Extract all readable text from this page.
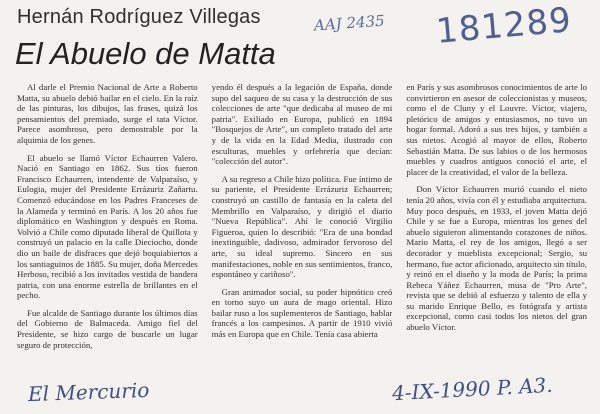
Hernán Rodríguez Villegas
El Abuelo de Matta
AAJ 2435 181289

Al darle el Premio Nacional de Arte a Roberto Matta, su abuelo debió bailar en el cielo. En la raíz de las pinturas, los dibujos, las frases, quizá los pensamientos del premiado, surge el tata Víctor. Parece asombroso, pero demostrable por la alquimia de los genes.

El abuelo se llamó Víctor Echaurren Valero. Nació en Santiago en 1862. Sus tíos fueron Francisco Echaurren, intendente de Valparaíso, y Eulogia, mujer del Presidente Errázuriz Zañartu. Comenzó educándose en los Padres Franceses de la Alameda y terminó en París. A los 20 años fue diplomático en Washington y después en Roma. Volvió a Chile como diputado liberal de Quillota y construyó un palacio en la calle Dieciocho, donde dio un baile de disfraces que dejó boquiabiertos a los santiaguinos de 1885. Su mujer, doña Mercedes Herboso, recibió a los invitados vestida de bandera patria, con una enorme estrella de brillantes en el pecho.

Fue alcalde de Santiago durante los últimos días del Gobierno de Balmaceda. Amigo fiel del Presidente, se hizo cargo de buscarle un lugar seguro de protección,

yendo él después a la legación de España, donde supo del saqueo de su casa y la destrucción de sus colecciones de arte "que dedicaba al museo de mi patria". Exiliado en Europa, publicó en 1894 "Bosquejos de Arte", un completo tratado del arte y de la vida en la Edad Media, ilustrado con esculturas, muebles y orfebrería que decían: "colección del autor".

A su regreso a Chile hizo política. Fue íntimo de su pariente, el Presidente Errázuriz Echaurren; construyó un castillo de fantasía en la caleta del Membrillo en Valparaíso, y dirigió el diario "Nueva República". Ahí le conoció Virgilio Figueroa, quien lo describió: "Era de una bondad inextinguible, dadivoso, admirador fervoroso del arte, su ideal supremo. Sincero en sus manifestaciones, noble en sus sentimientos, franco, espontáneo y cariñoso".

Gran animador social, su poder hipnótico creó en torno suyo un aura de mago oriental. Hizo bailar ruso a los suplementeros de Santiago, hablar francés a los campesinos. A partir de 1910 vivió más en Europa que en Chile. Tenía casa abierta

en París y sus asombrosos conocimientos de arte lo convirtieron en asesor de coleccionistas y museos, como el de Cluny y el Louvre. Víctor, viajero, pletórico de amigos y entusiasmos, no tuvo un hogar formal. Adoró a sus tres hijos, y también a sus nietos. Acogió al mayor de ellos, Roberto Sebastián Matta. De sus labios o de los hermosos muebles y cuadros antiguos conoció el arte, el placer de la creatividad, el valor de la belleza.

Don Víctor Echaurren murió cuando el nieto tenía 20 años, vivía con él y estudiaba arquitectura. Muy poco después, en 1933, el joven Matta dejó Chile y se fue a Europa, mientras los genes del abuelo siguieron alimentando corazones de niños. Mario Matta, el rey de los amigos, llegó a ser decorador y mueblista excepcional; Sergio, su hermano, fue actor aficionado, arquitecto sin título, y reinó en el diseño y la moda de París; la prima Rebeca Yáñez Echaurren, musa de "Pro Arte", revista que se debió al esfuerzo y talento de ella y su marido Enrique Bello, es fotógrafa y artista excepcional, como casi todos los nietos del gran abuelo Víctor.

El Mercurio	4-IX-1990 P. A3.
